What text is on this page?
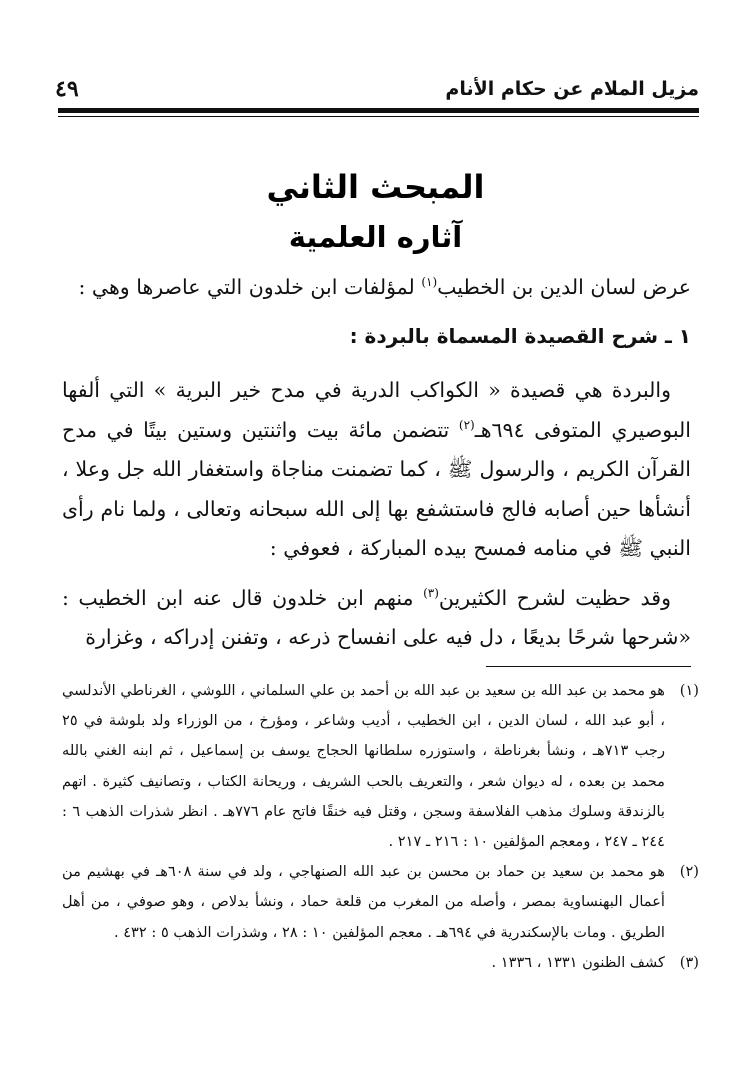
مزيل الملام عن حكام الأنام
٤٩
المبحث الثاني
آثاره العلمية

عرض لسان الدين بن الخطيب$^{(١)}$ لمؤلفات ابن خلدون التي عاصرها وهي :

١ ـ شرح القصيدة المسماة بالبردة :

والبردة هي قصيدة « الكواكب الدرية في مدح خير البرية » التي ألفها البوصيري المتوفى ٦٩٤هـ$^{(٢)}$ تتضمن مائة بيت واثنتين وستين بيتًا في مدح القرآن الكريم ، والرسول ﷺ ، كما تضمنت مناجاة واستغفار الله جل وعلا ، أنشأها حين أصابه فالج فاستشفع بها إلى الله سبحانه وتعالى ، ولما نام رأى النبي ﷺ في منامه فمسح بيده المباركة ، فعوفي :

وقد حظيت لشرح الكثيرين$^{(٣)}$ منهم ابن خلدون قال عنه ابن الخطيب : «شرحها شرحًا بديعًا ، دل فيه على انفساح ذرعه ، وتفنن إدراكه ، وغزارة

(١)
هو محمد بن عبد الله بن سعيد بن عبد الله بن أحمد بن علي السلماني ، اللوشي ، الغرناطي الأندلسي ، أبو عبد الله ، لسان الدين ، ابن الخطيب ، أديب وشاعر ، ومؤرخ ، من الوزراء ولد بلوشة في ٢٥ رجب ٧١٣هـ ، ونشأ بغرناطة ، واستوزره سلطانها الحجاج يوسف بن إسماعيل ، ثم ابنه الغني بالله محمد بن بعده ، له ديوان شعر ، والتعريف بالحب الشريف ، وريحانة الكتاب ، وتصانيف كثيرة . اتهم بالزندقة وسلوك مذهب الفلاسفة وسجن ، وقتل فيه خنقًا فاتح عام ٧٧٦هـ . انظر شذرات الذهب ٦ : ٢٤٤ ـ ٢٤٧ ، ومعجم المؤلفين ١٠ : ٢١٦ ـ ٢١٧ .

(٢)
هو محمد بن سعيد بن حماد بن محسن بن عبد الله الصنهاجي ، ولد في سنة ٦٠٨هـ في بهشيم من أعمال البهنساوية بمصر ، وأصله من المغرب من قلعة حماد ، ونشأ بدلاص ، وهو صوفي ، من أهل الطريق . ومات بالإسكندرية في ٦٩٤هـ . معجم المؤلفين ١٠ : ٢٨ ، وشذرات الذهب ٥ : ٤٣٢ .

(٣)
كشف الظنون ١٣٣١ ، ١٣٣٦ .
